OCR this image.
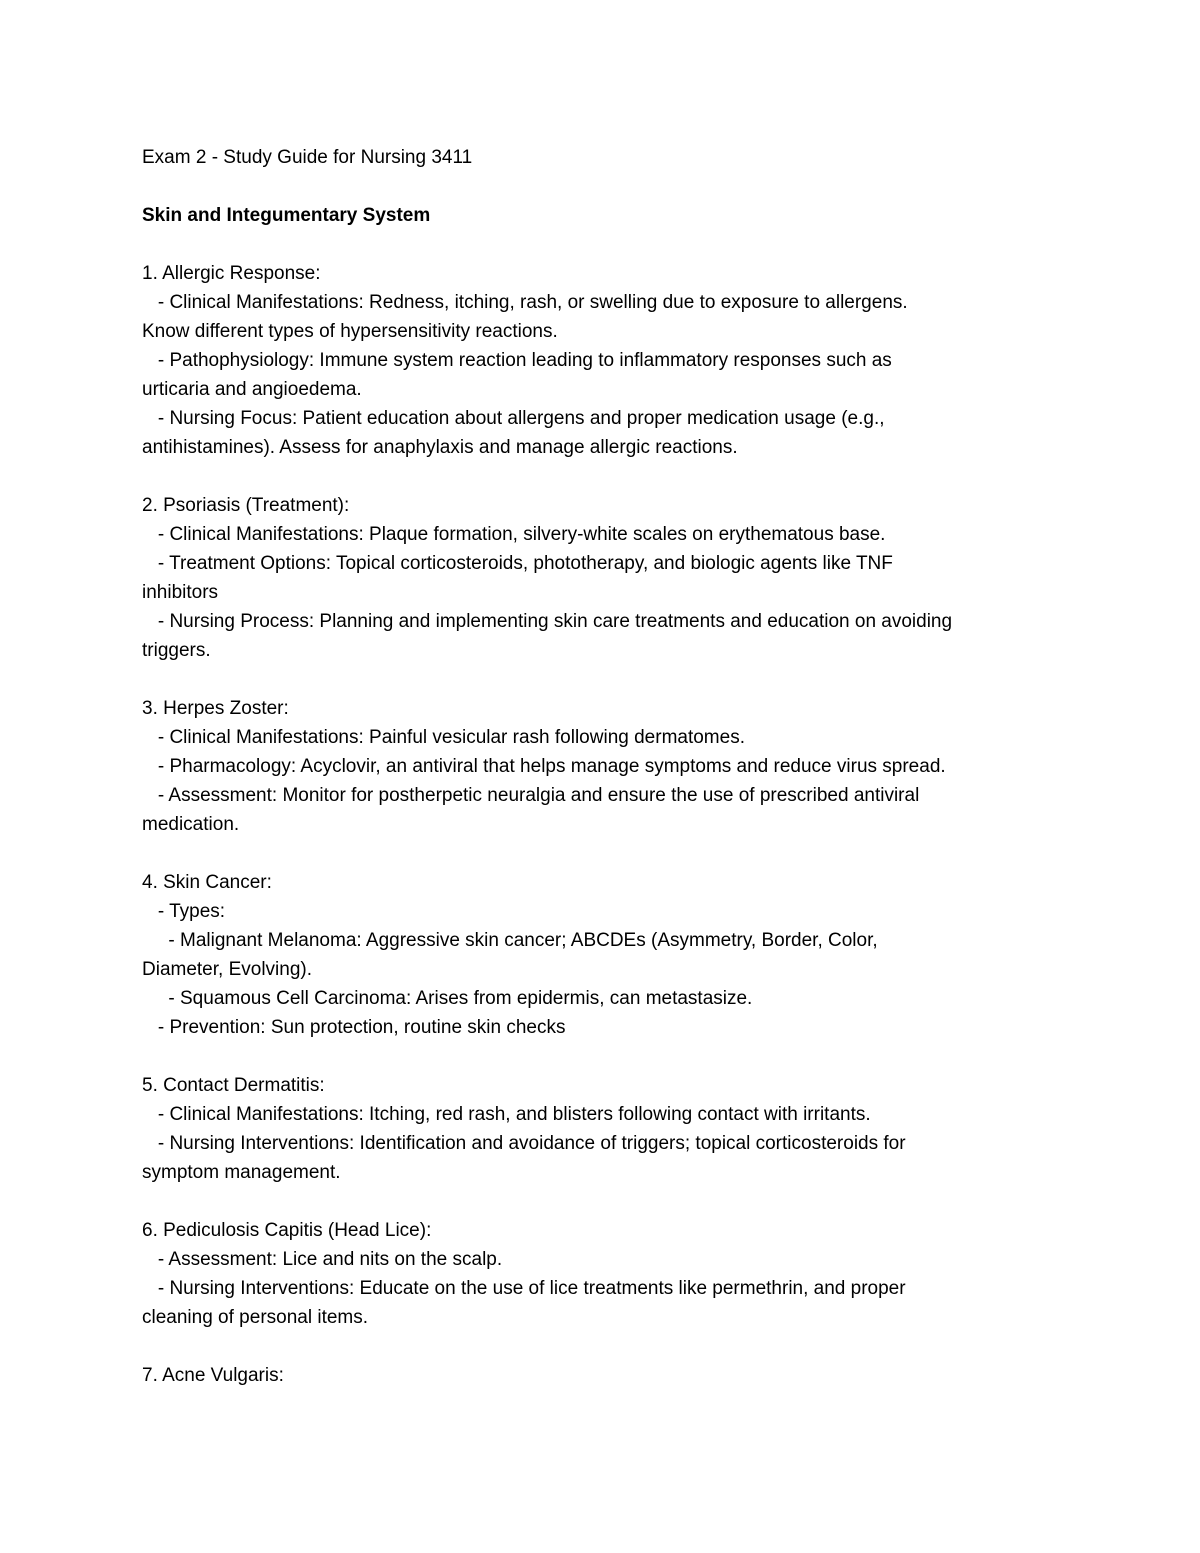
Exam 2 - Study Guide for Nursing 3411

Skin and Integumentary System

1. Allergic Response:

- Clinical Manifestations: Redness, itching, rash, or swelling due to exposure to allergens.

Know different types of hypersensitivity reactions.

- Pathophysiology: Immune system reaction leading to inflammatory responses such as

urticaria and angioedema.

- Nursing Focus: Patient education about allergens and proper medication usage (e.g.,

antihistamines). Assess for anaphylaxis and manage allergic reactions.

2. Psoriasis (Treatment):

- Clinical Manifestations: Plaque formation, silvery-white scales on erythematous base.

- Treatment Options: Topical corticosteroids, phototherapy, and biologic agents like TNF

inhibitors

- Nursing Process: Planning and implementing skin care treatments and education on avoiding

triggers.

3. Herpes Zoster:

- Clinical Manifestations: Painful vesicular rash following dermatomes.

- Pharmacology: Acyclovir, an antiviral that helps manage symptoms and reduce virus spread.

- Assessment: Monitor for postherpetic neuralgia and ensure the use of prescribed antiviral

medication.

4. Skin Cancer:

- Types:

- Malignant Melanoma: Aggressive skin cancer; ABCDEs (Asymmetry, Border, Color,

Diameter, Evolving).

- Squamous Cell Carcinoma: Arises from epidermis, can metastasize.

- Prevention: Sun protection, routine skin checks

5. Contact Dermatitis:

- Clinical Manifestations: Itching, red rash, and blisters following contact with irritants.

- Nursing Interventions: Identification and avoidance of triggers; topical corticosteroids for

symptom management.

6. Pediculosis Capitis (Head Lice):

- Assessment: Lice and nits on the scalp.

- Nursing Interventions: Educate on the use of lice treatments like permethrin, and proper

cleaning of personal items.

7. Acne Vulgaris:
